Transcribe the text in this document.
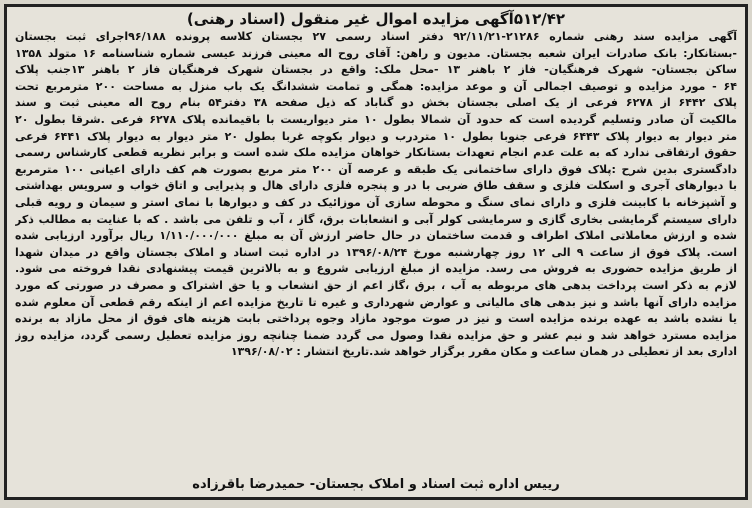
۵۱۲/۴۲آگهی مزایده اموال غیر منقول (اسناد رهنی)
آگهی مزایده سند رهنی شماره ۲۱۲۸۶-۹۲/۱۱/۲۱ دفتر اسناد رسمی ۲۷ بجستان کلاسه پرونده ۹۶/۱۸۸اجرای ثبت بجستان
-بستانکار: بانک صادرات ایران شعبه بجستان. مدیون و راهن: آقای روح اله معینی فرزند عیسی شماره شناسنامه ۱۶ متولد ۱۳۵۸
ساکن بجستان- شهرک فرهنگیان- فاز ۲ باهنر ۱۳ -محل ملک: واقع در بجستان شهرک فرهنگیان فاز ۲ باهنر ۱۳جنب پلاک
۶۴ - مورد مزایده و توصیف اجمالی آن و موعد مزایده: همگی و تمامت ششدانگ یک باب منزل به مساحت ۲۰۰ مترمربع تحت
پلاک ۶۴۴۲ از ۶۲۷۸ فرعی از یک اصلی بجستان بخش دو گناباد که ذیل صفحه ۳۸ دفتر۵۴ بنام روح اله معینی ثبت و سند
مالکیت آن صادر وتسلیم گردیده است که حدود آن شمالا بطول ۱۰ متر دیواریست با باقیمانده پلاک ۶۲۷۸ فرعی .شرقا بطول ۲۰
متر دیوار به دیوار پلاک ۶۴۴۳ فرعی جنوبا بطول ۱۰ متردرب و دیوار بکوچه غربا بطول ۲۰ متر دیوار به دیوار پلاک ۶۴۴۱ فرعی
حقوق ارتفاقی ندارد که به علت عدم انجام تعهدات بستانکار خواهان مزایده ملک شده است و برابر نظریه قطعی کارشناس رسمی
دادگستری بدین شرح :پلاک فوق دارای ساختمانی یک طبقه و عرصه آن ۲۰۰ متر مربع بصورت هم کف دارای اعیانی ۱۰۰ مترمربع
با دیوارهای آجری و اسکلت فلزی و سقف طاق ضربی با در و پنجره فلزی دارای هال و پذیرایی و اتاق خواب و سرویس بهداشتی
و آشپزخانه با کابینت فلزی و دارای نمای سنگ و محوطه سازی آن موزائیک در کف و دیوارها با نمای استر و سیمان و رویه قبلی
دارای سیستم گرمایشی بخاری گازی و سرمایشی کولر آبی و انشعابات برق، گاز ، آب و تلفن می باشد . که با عنایت به مطالب ذکر
شده و ارزش معاملاتی املاک اطراف و قدمت ساختمان در حال حاضر ارزش آن به مبلغ ۱/۱۱۰/۰۰۰/۰۰۰ ریال برآورد ارزیابی شده
است. پلاک فوق از ساعت ۹ الی ۱۲ روز چهارشنبه مورخ ۱۳۹۶/۰۸/۲۴ در اداره ثبت اسناد و املاک بجستان واقع در میدان شهدا
از طریق مزایده حضوری به فروش می رسد. مزایده از مبلغ ارزیابی شروع و به بالاترین قیمت پیشنهادی نقدا فروخته می شود.
لازم به ذکر است پرداخت بدهی های مربوطه به آب ، برق ،گاز اعم از حق انشعاب و یا حق اشتراک و مصرف در صورتی که مورد
مزایده دارای آنها باشد و نیز بدهی های مالیاتی و عوارض شهرداری و غیره تا تاریخ مزایده اعم از اینکه رقم قطعی آن معلوم شده
یا نشده باشد به عهده برنده مزایده است و نیز در صوت موجود مازاد وجوه پرداختی بابت هزینه های فوق از محل مازاد به برنده
مزایده مسترد خواهد شد و نیم عشر و حق مزایده نقدا وصول می گردد ضمنا چنانچه روز مزایده تعطیل رسمی گردد، مزایده روز
اداری بعد از تعطیلی در همان ساعت و مکان مقرر برگزار خواهد شد.تاریخ انتشار : ۱۳۹۶/۰۸/۰۲
رییس اداره ثبت اسناد و املاک بجستان- حمیدرضا باقرزاده
